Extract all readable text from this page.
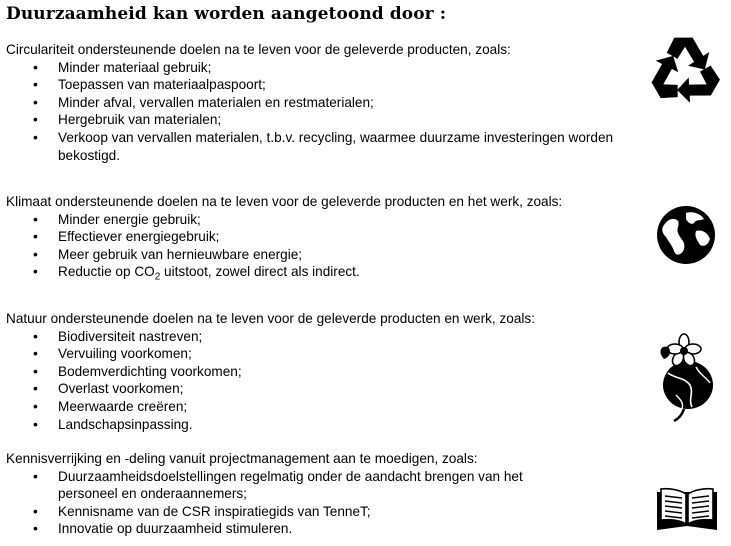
Duurzaamheid kan worden aangetoond door :

Circulariteit ondersteunende doelen na te leven voor de geleverde producten, zoals:

• Minder materiaal gebruik;
• Toepassen van materiaalpaspoort;
• Minder afval, vervallen materialen en restmaterialen;
• Hergebruik van materialen;
• Verkoop van vervallen materialen, t.b.v. recycling, waarmee duurzame investeringen worden bekostigd.

Klimaat ondersteunende doelen na te leven voor de geleverde producten en het werk, zoals:

• Minder energie gebruik;
• Effectiever energiegebruik;
• Meer gebruik van hernieuwbare energie;
• Reductie op $CO_2$ uitstoot, zowel direct als indirect.

Natuur ondersteunende doelen na te leven voor de geleverde producten en werk, zoals:

• Biodiversiteit nastreven;
• Vervuiling voorkomen;
• Bodemverdichting voorkomen;
• Overlast voorkomen;
• Meerwaarde creëren;
• Landschapsinpassing.

Kennisverrijking en -deling vanuit projectmanagement aan te moedigen, zoals:

• Duurzaamheidsdoelstellingen regelmatig onder de aandacht brengen van het personeel en onderaannemers;
• Kennisname van de CSR inspiratiegids van TenneT;
• Innovatie op duurzaamheid stimuleren.
